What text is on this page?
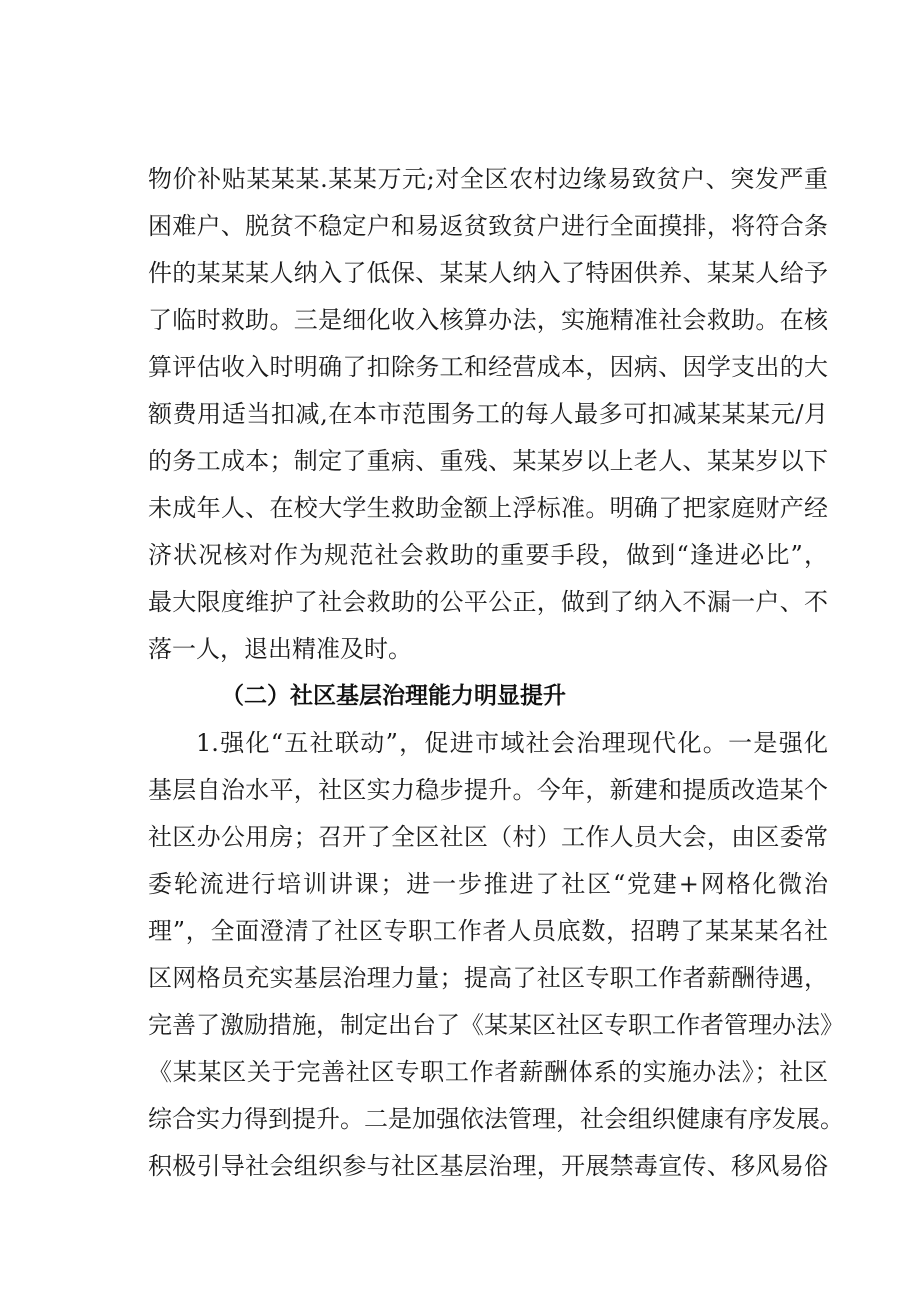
物价补贴某某某.某某万元;对全区农村边缘易致贫户、突发严重
困难户、脱贫不稳定户和易返贫致贫户进行全面摸排，将符合条
件的某某某人纳入了低保、某某人纳入了特困供养、某某人给予
了临时救助。三是细化收入核算办法，实施精准社会救助。在核
算评估收入时明确了扣除务工和经营成本，因病、因学支出的大
额费用适当扣减,在本市范围务工的每人最多可扣减某某某元/月
的务工成本；制定了重病、重残、某某岁以上老人、某某岁以下
未成年人、在校大学生救助金额上浮标准。明确了把家庭财产经
济状况核对作为规范社会救助的重要手段，做到“逢进必比”，
最大限度维护了社会救助的公平公正，做到了纳入不漏一户、不
落一人，退出精准及时。
（二）社区基层治理能力明显提升
1.强化“五社联动”，促进市域社会治理现代化。一是强化
基层自治水平，社区实力稳步提升。今年，新建和提质改造某个
社区办公用房；召开了全区社区（村）工作人员大会，由区委常
委轮流进行培训讲课；进一步推进了社区“党建+网格化微治
理”，全面澄清了社区专职工作者人员底数，招聘了某某某名社
区网格员充实基层治理力量；提高了社区专职工作者薪酬待遇，
完善了激励措施，制定出台了《某某区社区专职工作者管理办法》
《某某区关于完善社区专职工作者薪酬体系的实施办法》；社区
综合实力得到提升。二是加强依法管理，社会组织健康有序发展。
积极引导社会组织参与社区基层治理，开展禁毒宣传、移风易俗
